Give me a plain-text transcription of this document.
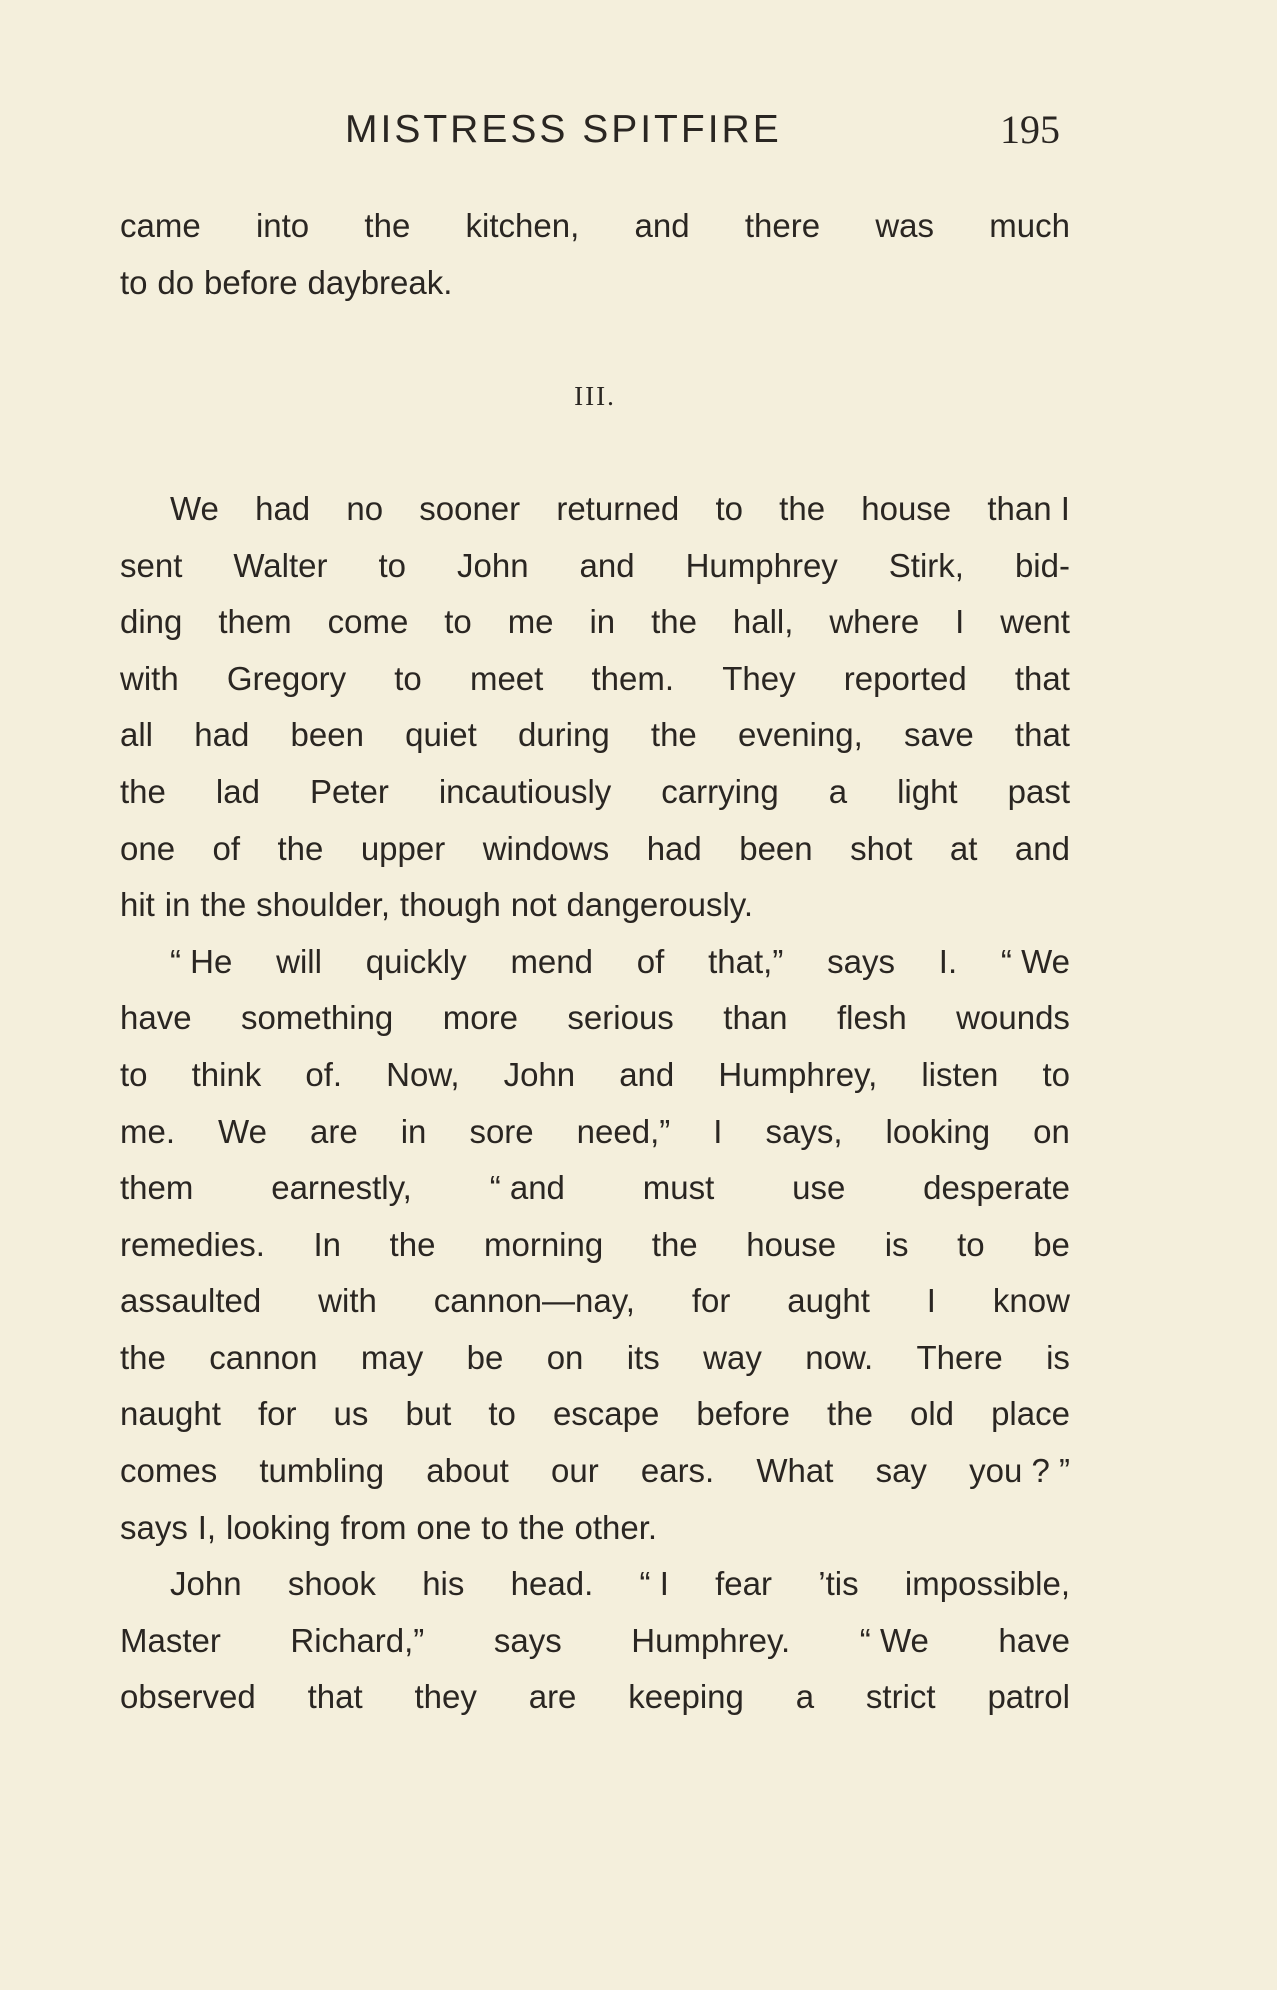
MISTRESS SPITFIRE	195
came into the kitchen, and there was much
to do before daybreak.
III.
We had no sooner returned to the house than I
sent Walter to John and Humphrey Stirk, bid-
ding them come to me in the hall, where I went
with Gregory to meet them. They reported that
all had been quiet during the evening, save that
the lad Peter incautiously carrying a light past
one of the upper windows had been shot at and
hit in the shoulder, though not dangerously.
“ He will quickly mend of that,” says I. “ We
have something more serious than flesh wounds
to think of. Now, John and Humphrey, listen to
me. We are in sore need,” I says, looking on
them earnestly, “ and must use desperate
remedies. In the morning the house is to be
assaulted with cannon—nay, for aught I know
the cannon may be on its way now. There is
naught for us but to escape before the old place
comes tumbling about our ears. What say you ? ”
says I, looking from one to the other.
John shook his head. “ I fear ’tis impossible,
Master Richard,” says Humphrey. “ We have
observed that they are keeping a strict patrol
